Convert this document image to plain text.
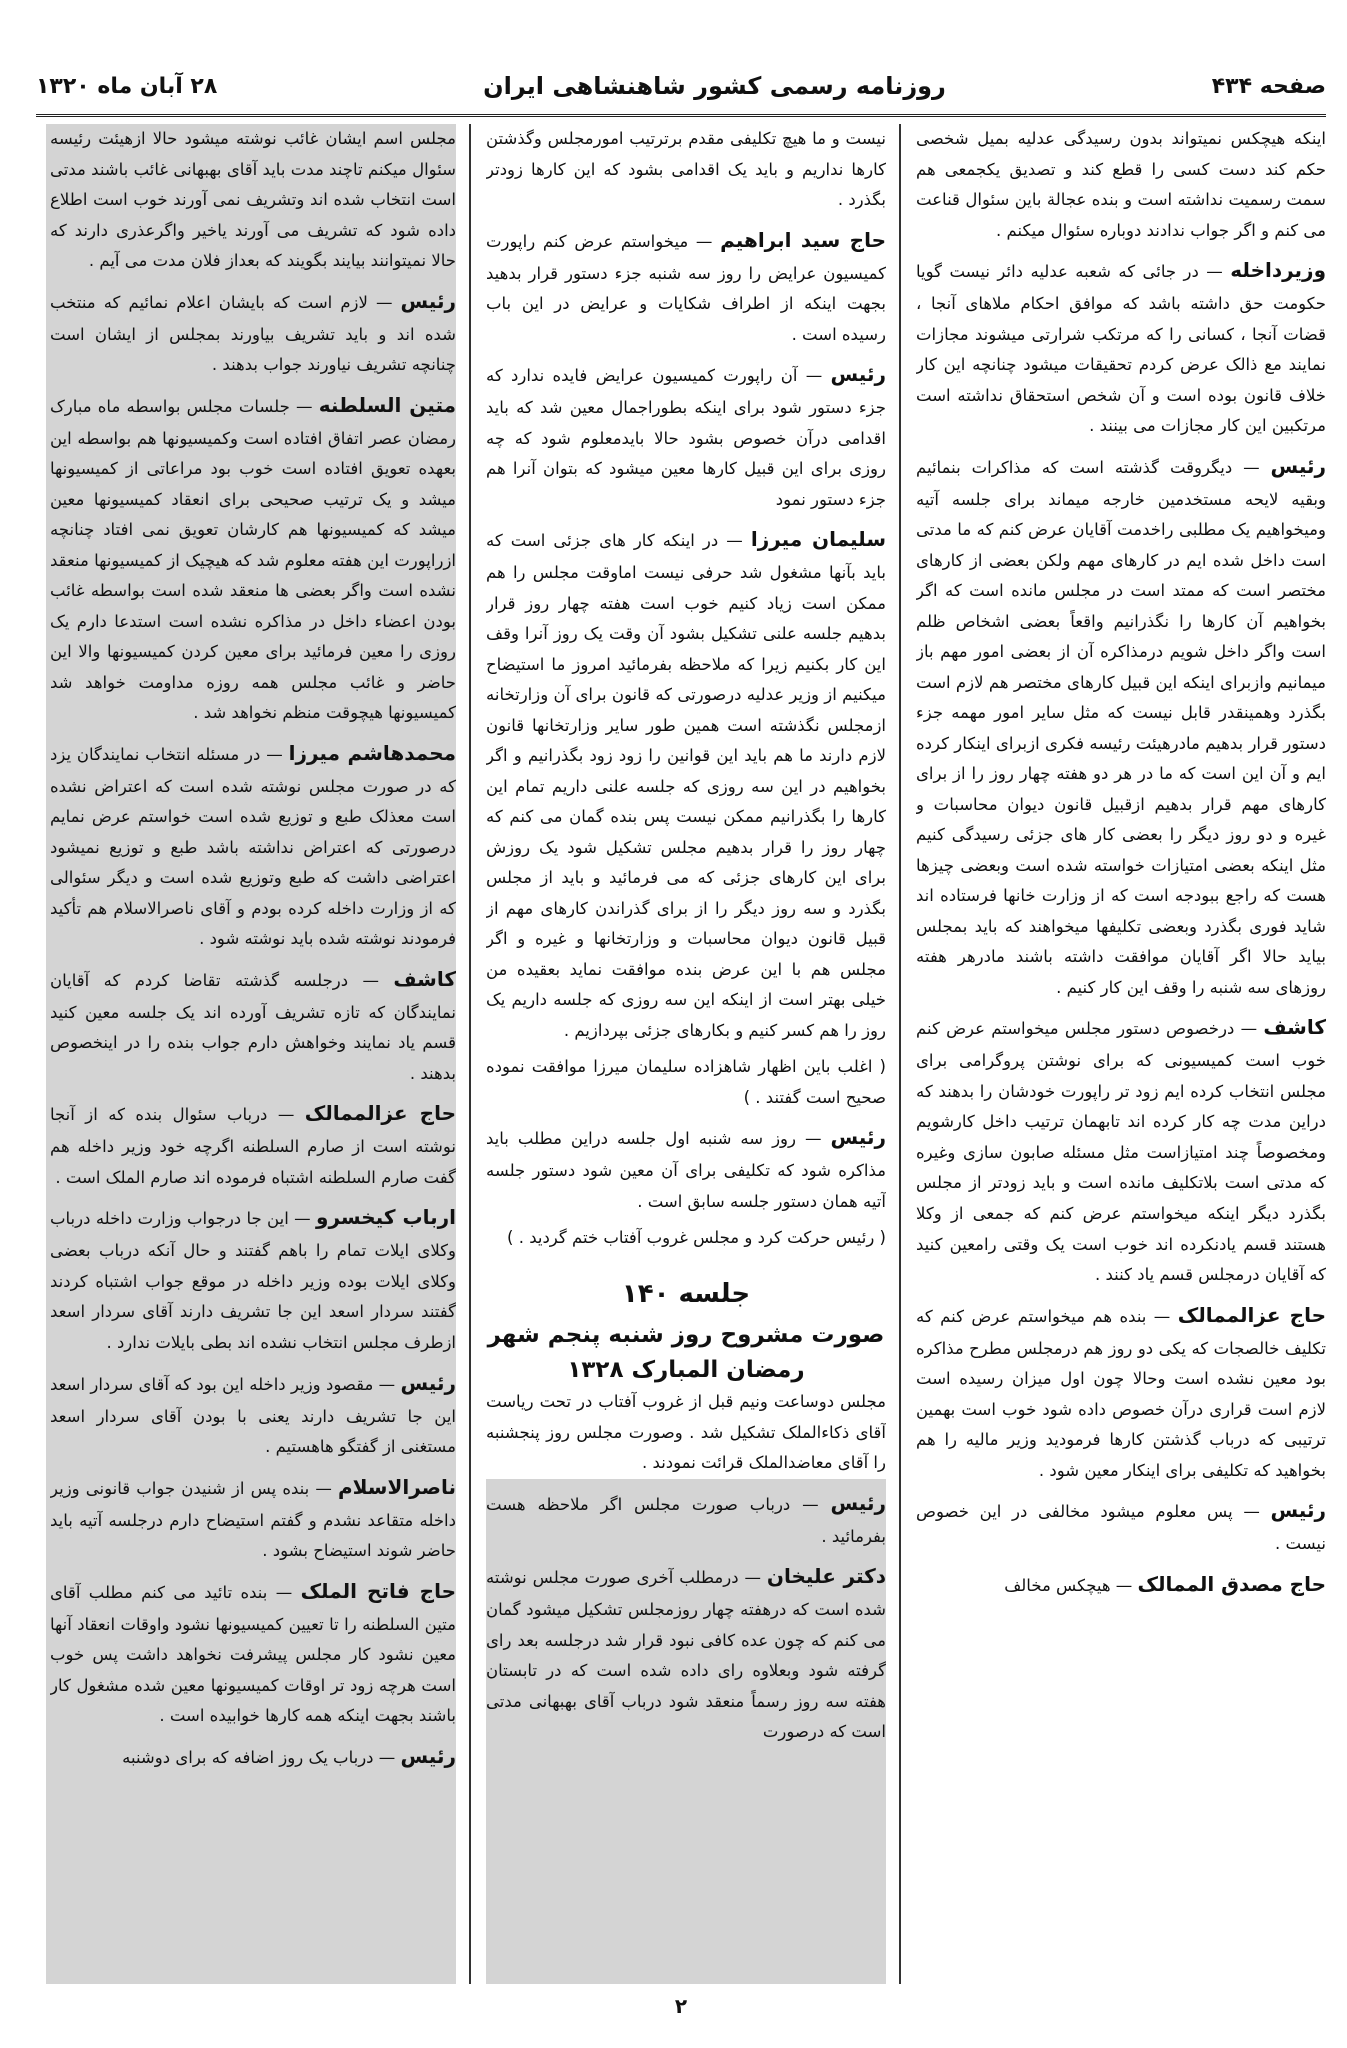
صفحه ۴۳۴
روزنامه رسمی کشور شاهنشاهی ایران
۲۸ آبان ماه ۱۳۲۰

اینکه هیچکس نمیتواند بدون رسیدگی عدلیه بمیل شخصی حکم کند دست کسی را قطع کند و تصدیق یکجمعی هم سمت رسمیت نداشته است و بنده عجالة باین سئوال قناعت می کنم و اگر جواب ندادند دوباره سئوال میکنم .

وزیرداخله — در جائی که شعبه عدلیه دائر نیست گویا حکومت حق داشته باشد که موافق احکام ملاهای آنجا ، قضات آنجا ، کسانی را که مرتکب شرارتی میشوند مجازات نمایند مع ذالک عرض کردم تحقیقات میشود چنانچه این کار خلاف قانون بوده است و آن شخص استحقاق نداشته است مرتکبین این کار مجازات می بینند .

رئیس — دیگروقت گذشته است که مذاکرات بنمائیم وبقیه لایحه مستخدمین خارجه میماند برای جلسه آتیه ومیخواهیم یک مطلبی راخدمت آقایان عرض کنم که ما مدتی است داخل شده ایم در کارهای مهم ولکن بعضی از کارهای مختصر است که ممتد است در مجلس مانده است که اگر بخواهیم آن کارها را نگذرانیم واقعاً بعضی اشخاص ظلم است واگر داخل شویم درمذاکره آن از بعضی امور مهم باز میمانیم وازبرای اینکه این قبیل کارهای مختصر هم لازم است بگذرد وهمینقدر قابل نیست که مثل سایر امور مهمه جزء دستور قرار بدهیم مادرهیئت رئیسه فکری ازبرای اینکار کرده ایم و آن این است که ما در هر دو هفته چهار روز را از برای کارهای مهم قرار بدهیم ازقبیل قانون دیوان محاسبات و غیره و دو روز دیگر را بعضی کار های جزئی رسیدگی کنیم مثل اینکه بعضی امتیازات خواسته شده است وبعضی چیزها هست که راجع ببودجه است که از وزارت خانها فرستاده اند شاید فوری بگذرد وبعضی تکلیفها میخواهند که باید بمجلس بیاید حالا اگر آقایان موافقت داشته باشند مادرهر هفته روزهای سه شنبه را وقف این کار کنیم .

کاشف — درخصوص دستور مجلس میخواستم عرض کنم خوب است کمیسیونی که برای نوشتن پروگرامی برای مجلس انتخاب کرده ایم زود تر راپورت خودشان را بدهند که دراین مدت چه کار کرده اند تابهمان ترتیب داخل کارشویم ومخصوصاً چند امتیازاست مثل مسئله صابون سازی وغیره که مدتی است بلاتکلیف مانده است و باید زودتر از مجلس بگذرد دیگر اینکه میخواستم عرض کنم که جمعی از وکلا هستند قسم یادنکرده اند خوب است یک وقتی رامعین کنید که آقایان درمجلس قسم یاد کنند .

حاج عزالممالک — بنده هم میخواستم عرض کنم که تکلیف خالصجات که یکی دو روز هم درمجلس مطرح مذاکره بود معین نشده است وحالا چون اول میزان رسیده است لازم است قراری درآن خصوص داده شود خوب است بهمین ترتیبی که درباب گذشتن کارها فرمودید وزیر مالیه را هم بخواهید که تکلیفی برای اینکار معین شود .

رئیس — پس معلوم میشود مخالفی در این خصوص نیست .

حاج مصدق الممالک — هیچکس مخالف

نیست و ما هیچ تکلیفی مقدم برترتیب امورمجلس وگذشتن کارها نداریم و باید یک اقدامی بشود که این کارها زودتر بگذرد .

حاج سید ابراهیم — میخواستم عرض کنم راپورت کمیسیون عرایض را روز سه شنبه جزء دستور قرار بدهید بجهت اینکه از اطراف شکایات و عرایض در این باب رسیده است .

رئیس — آن راپورت کمیسیون عرایض فایده ندارد که جزء دستور شود برای اینکه بطوراجمال معین شد که باید اقدامی درآن خصوص بشود حالا بایدمعلوم شود که چه روزی برای این قبیل کارها معین میشود که بتوان آنرا هم جزء دستور نمود

سلیمان میرزا — در اینکه کار های جزئی است که باید بآنها مشغول شد حرفی نیست اماوقت مجلس را هم ممکن است زیاد کنیم خوب است هفته چهار روز قرار بدهیم جلسه علنی تشکیل بشود آن وقت یک روز آنرا وقف این کار بکنیم زیرا که ملاحظه بفرمائید امروز ما استیضاح میکنیم از وزیر عدلیه درصورتی که قانون برای آن وزارتخانه ازمجلس نگذشته است همین طور سایر وزارتخانها قانون لازم دارند ما هم باید این قوانین را زود زود بگذرانیم و اگر بخواهیم در این سه روزی که جلسه علنی داریم تمام این کارها را بگذرانیم ممکن نیست پس بنده گمان می کنم که چهار روز را قرار بدهیم مجلس تشکیل شود یک روزش برای این کارهای جزئی که می فرمائید و باید از مجلس بگذرد و سه روز دیگر را از برای گذراندن کارهای مهم از قبیل قانون دیوان محاسبات و وزارتخانها و غیره و اگر مجلس هم با این عرض بنده موافقت نماید بعقیده من خیلی بهتر است از اینکه این سه روزی که جلسه داریم یک روز را هم کسر کنیم و بکارهای جزئی بپردازیم .

( اغلب باین اظهار شاهزاده سلیمان میرزا موافقت نموده صحیح است گفتند . )

رئیس — روز سه شنبه اول جلسه دراین مطلب باید مذاکره شود که تکلیفی برای آن معین شود دستور جلسه آتیه همان دستور جلسه سابق است .

( رئیس حرکت کرد و مجلس غروب آفتاب ختم گردید . )

جلسه ۱۴۰
صورت مشروح روز شنبه پنجم شهر رمضان المبارک ۱۳۲۸

مجلس دوساعت ونیم قبل از غروب آفتاب در تحت ریاست آقای ذکاءالملک تشکیل شد . وصورت مجلس روز پنجشنبه را آقای معاضدالملک قرائت نمودند .

رئیس — درباب صورت مجلس اگر ملاحظه هست بفرمائید .

دکتر علیخان — درمطلب آخری صورت مجلس نوشته شده است که درهفته چهار روزمجلس تشکیل میشود گمان می کنم که چون عده کافی نبود قرار شد درجلسه بعد رای گرفته شود وبعلاوه رای داده شده است که در تابستان هفته سه روز رسماً منعقد شود درباب آقای بهبهانی مدتی است که درصورت

مجلس اسم ایشان غائب نوشته میشود حالا ازهیئت رئیسه سئوال میکنم تاچند مدت باید آقای بهبهانی غائب باشند مدتی است انتخاب شده اند وتشریف نمی آورند خوب است اطلاع داده شود که تشریف می آورند یاخیر واگرعذری دارند که حالا نمیتوانند بیایند بگویند که بعداز فلان مدت می آیم .

رئیس — لازم است که بایشان اعلام نمائیم که منتخب شده اند و باید تشریف بیاورند بمجلس از ایشان است چنانچه تشریف نیاورند جواب بدهند .

متین السلطنه — جلسات مجلس بواسطه ماه مبارک رمضان عصر اتفاق افتاده است وکمیسیونها هم بواسطه این بعهده تعویق افتاده است خوب بود مراعاتی از کمیسیونها میشد و یک ترتیب صحیحی برای انعقاد کمیسیونها معین میشد که کمیسیونها هم کارشان تعویق نمی افتاد چنانچه ازراپورت این هفته معلوم شد که هیچیک از کمیسیونها منعقد نشده است واگر بعضی ها منعقد شده است بواسطه غائب بودن اعضاء داخل در مذاکره نشده است استدعا دارم یک روزی را معین فرمائید برای معین کردن کمیسیونها والا این حاضر و غائب مجلس همه روزه مداومت خواهد شد کمیسیونها هیچوقت منظم نخواهد شد .

محمدهاشم میرزا — در مسئله انتخاب نمایندگان یزد که در صورت مجلس نوشته شده است که اعتراض نشده است معذلک طبع و توزیع شده است خواستم عرض نمایم درصورتی که اعتراض نداشته باشد طبع و توزیع نمیشود اعتراضی داشت که طبع وتوزیع شده است و دیگر سئوالی که از وزارت داخله کرده بودم و آقای ناصرالاسلام هم تأکید فرمودند نوشته شده باید نوشته شود .

کاشف — درجلسه گذشته تقاضا کردم که آقایان نمایندگان که تازه تشریف آورده اند یک جلسه معین کنید قسم یاد نمایند وخواهش دارم جواب بنده را در اینخصوص بدهند .

حاج عزالممالک — درباب سئوال بنده که از آنجا نوشته است از صارم السلطنه اگرچه خود وزیر داخله هم گفت صارم السلطنه اشتباه فرموده اند صارم الملک است .

ارباب کیخسرو — این جا درجواب وزارت داخله درباب وکلای ایلات تمام را باهم گفتند و حال آنکه درباب بعضی وکلای ایلات بوده وزیر داخله در موقع جواب اشتباه کردند گفتند سردار اسعد این جا تشریف دارند آقای سردار اسعد ازطرف مجلس انتخاب نشده اند بطی بایلات ندارد .

رئیس — مقصود وزیر داخله این بود که آقای سردار اسعد این جا تشریف دارند یعنی با بودن آقای سردار اسعد مستغنی از گفتگو هاهستیم .

ناصرالاسلام — بنده پس از شنیدن جواب قانونی وزیر داخله متقاعد نشدم و گفتم استیضاح دارم درجلسه آتیه باید حاضر شوند استیضاح بشود .

حاج فاتح الملک — بنده تائید می کنم مطلب آقای متین السلطنه را تا تعیین کمیسیونها نشود واوقات انعقاد آنها معین نشود کار مجلس پیشرفت نخواهد داشت پس خوب است هرچه زود تر اوقات کمیسیونها معین شده مشغول کار باشند بجهت اینکه همه کارها خوابیده است .

رئیس — درباب یک روز اضافه که برای دوشنبه

۲
